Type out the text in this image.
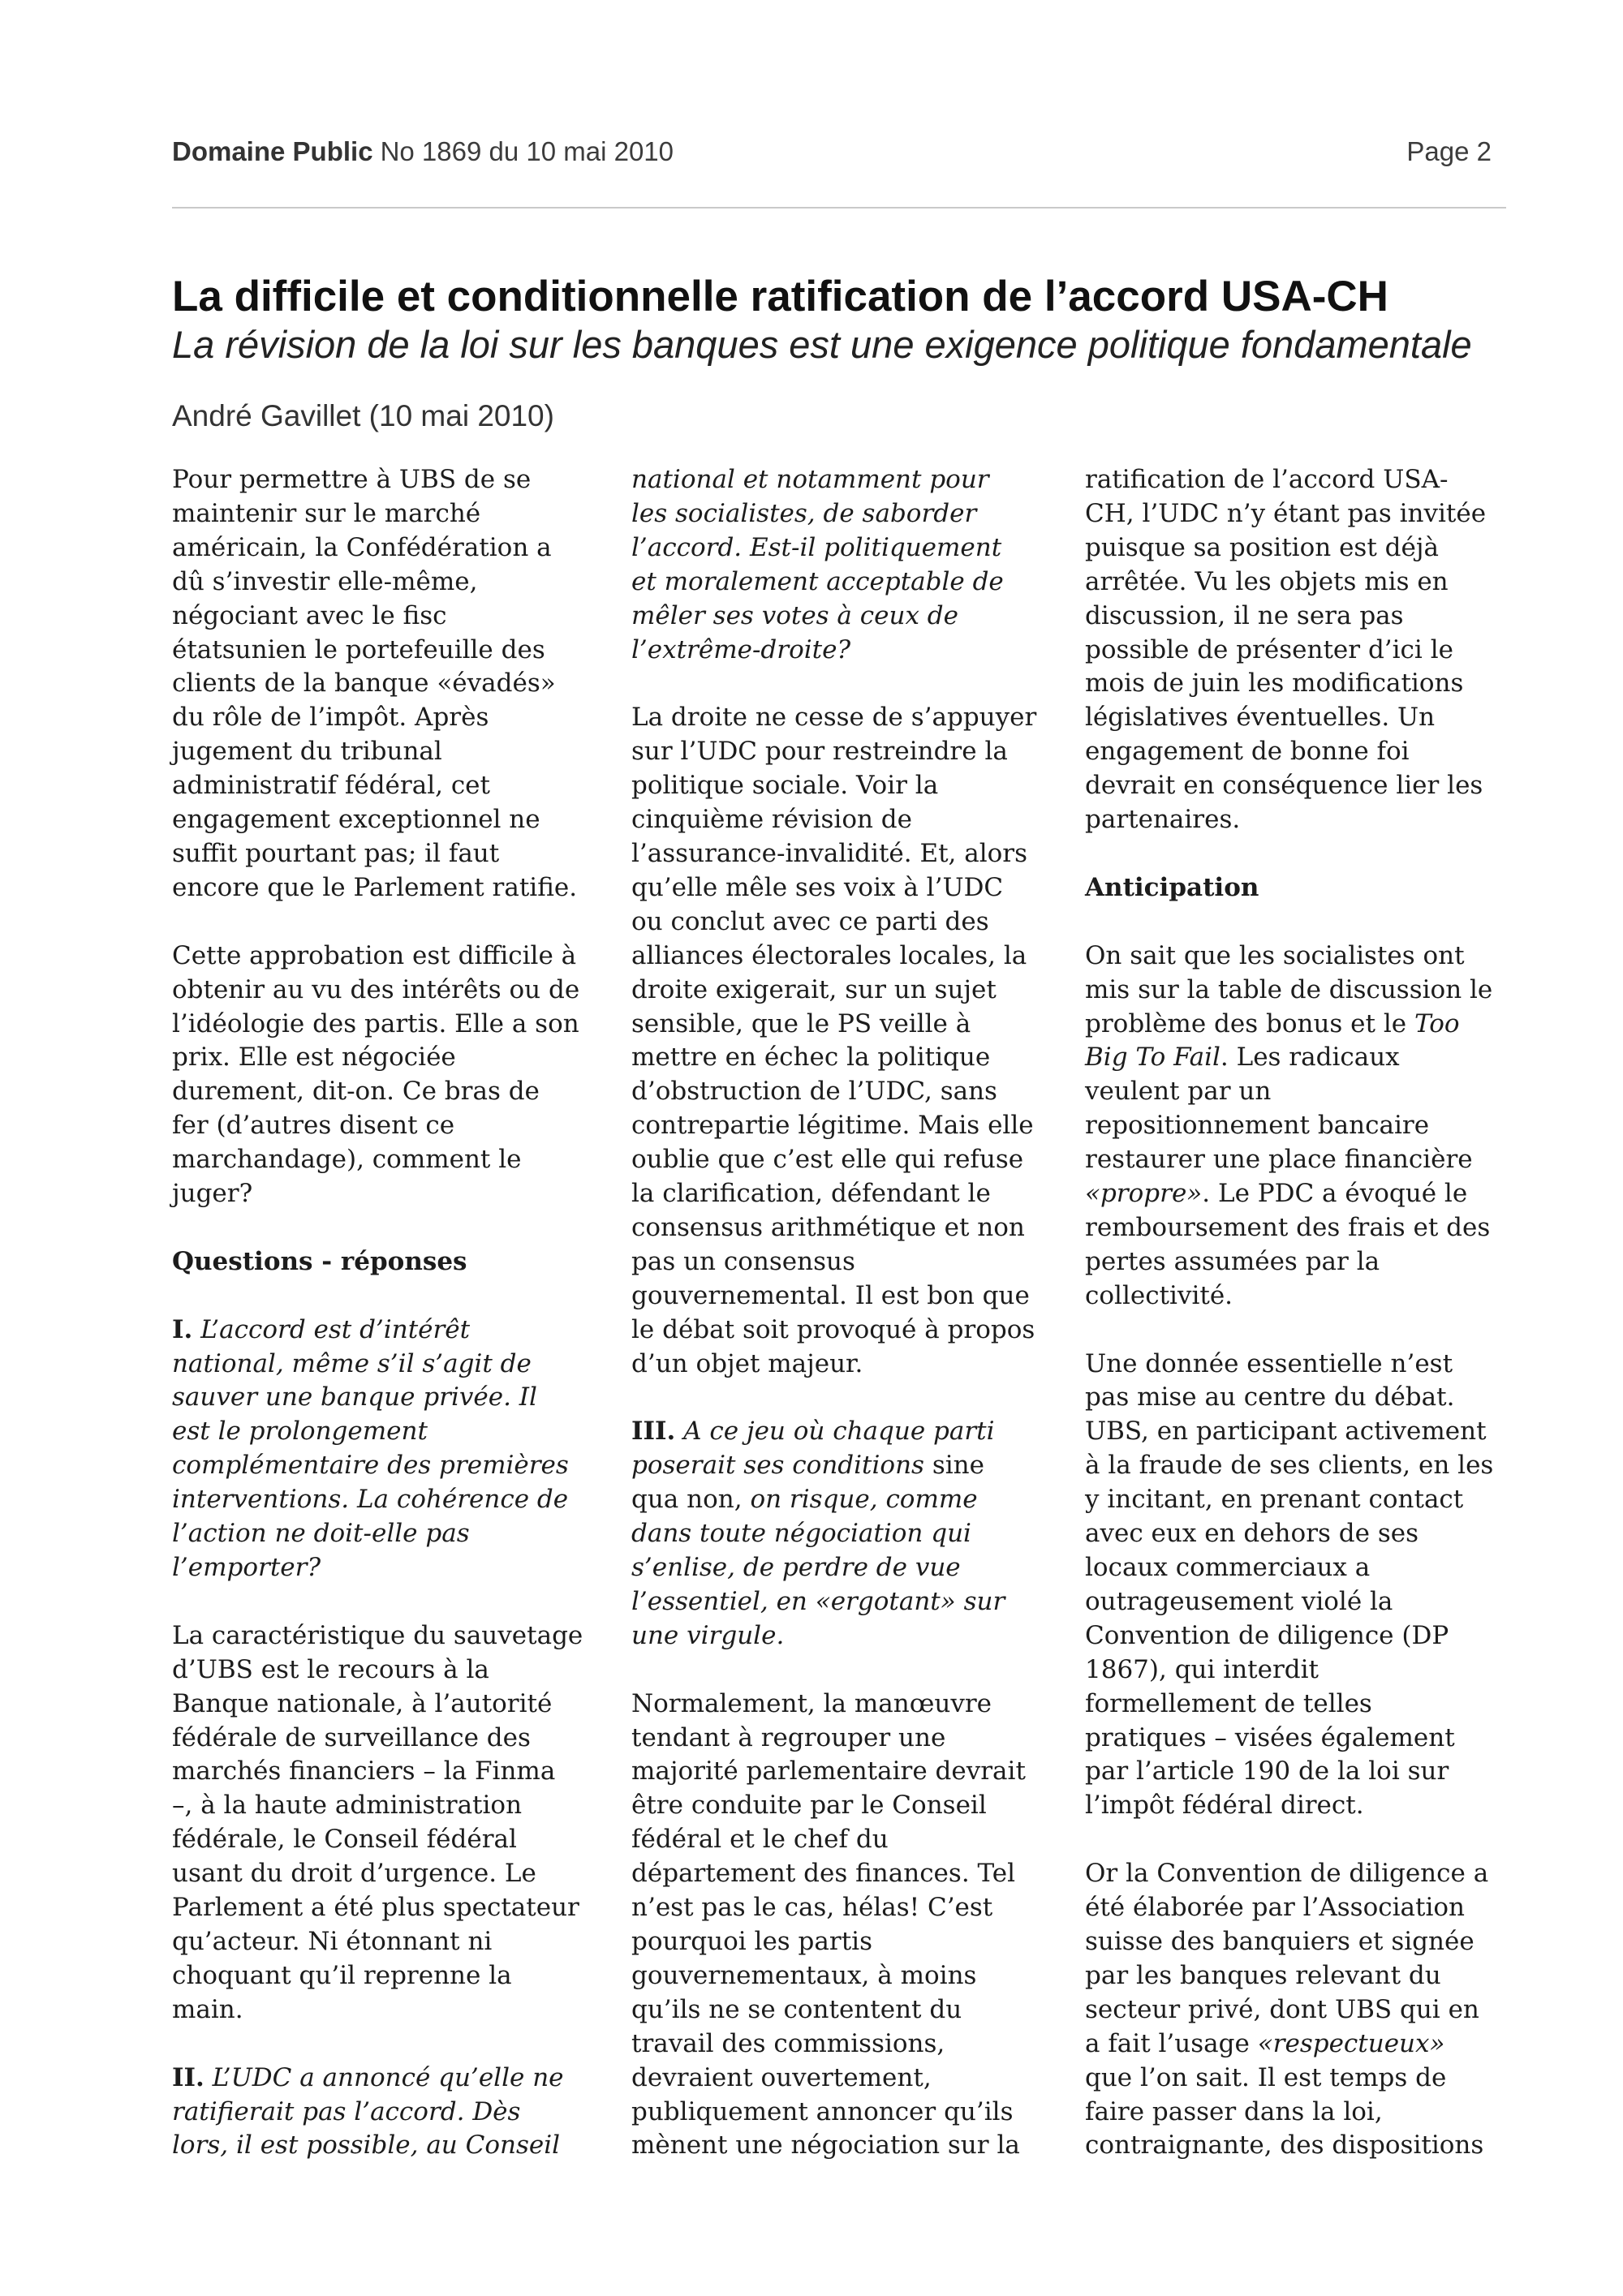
Domaine Public No 1869 du 10 mai 2010	Page 2
La difficile et conditionnelle ratification de l’accord USA-CH
La révision de la loi sur les banques est une exigence politique fondamentale
André Gavillet (10 mai 2010)
Pour permettre à UBS de se
maintenir sur le marché
américain, la Confédération a
dû s’investir elle-même,
négociant avec le fisc
étatsunien le portefeuille des
clients de la banque «évadés»
du rôle de l’impôt. Après
jugement du tribunal
administratif fédéral, cet
engagement exceptionnel ne
suffit pourtant pas; il faut
encore que le Parlement ratifie.
Cette approbation est difficile à
obtenir au vu des intérêts ou de
l’idéologie des partis. Elle a son
prix. Elle est négociée
durement, dit-on. Ce bras de
fer (d’autres disent ce
marchandage), comment le
juger?
Questions - réponses
I. L’accord est d’intérêt
national, même s’il s’agit de
sauver une banque privée. Il
est le prolongement
complémentaire des premières
interventions. La cohérence de
l’action ne doit-elle pas
l’emporter?
La caractéristique du sauvetage
d’UBS est le recours à la
Banque nationale, à l’autorité
fédérale de surveillance des
marchés financiers – la Finma
–, à la haute administration
fédérale, le Conseil fédéral
usant du droit d’urgence. Le
Parlement a été plus spectateur
qu’acteur. Ni étonnant ni
choquant qu’il reprenne la
main.
II. L’UDC a annoncé qu’elle ne
ratifierait pas l’accord. Dès
lors, il est possible, au Conseil
national et notamment pour
les socialistes, de saborder
l’accord. Est-il politiquement
et moralement acceptable de
mêler ses votes à ceux de
l’extrême-droite?
La droite ne cesse de s’appuyer
sur l’UDC pour restreindre la
politique sociale. Voir la
cinquième révision de
l’assurance-invalidité. Et, alors
qu’elle mêle ses voix à l’UDC
ou conclut avec ce parti des
alliances électorales locales, la
droite exigerait, sur un sujet
sensible, que le PS veille à
mettre en échec la politique
d’obstruction de l’UDC, sans
contrepartie légitime. Mais elle
oublie que c’est elle qui refuse
la clarification, défendant le
consensus arithmétique et non
pas un consensus
gouvernemental. Il est bon que
le débat soit provoqué à propos
d’un objet majeur.
III. A ce jeu où chaque parti
poserait ses conditions sine
qua non, on risque, comme
dans toute négociation qui
s’enlise, de perdre de vue
l’essentiel, en «ergotant» sur
une virgule.
Normalement, la manœuvre
tendant à regrouper une
majorité parlementaire devrait
être conduite par le Conseil
fédéral et le chef du
département des finances. Tel
n’est pas le cas, hélas! C’est
pourquoi les partis
gouvernementaux, à moins
qu’ils ne se contentent du
travail des commissions,
devraient ouvertement,
publiquement annoncer qu’ils
mènent une négociation sur la
ratification de l’accord USA-
CH, l’UDC n’y étant pas invitée
puisque sa position est déjà
arrêtée. Vu les objets mis en
discussion, il ne sera pas
possible de présenter d’ici le
mois de juin les modifications
législatives éventuelles. Un
engagement de bonne foi
devrait en conséquence lier les
partenaires.
Anticipation
On sait que les socialistes ont
mis sur la table de discussion le
problème des bonus et le Too
Big To Fail. Les radicaux
veulent par un
repositionnement bancaire
restaurer une place financière
«propre». Le PDC a évoqué le
remboursement des frais et des
pertes assumées par la
collectivité.
Une donnée essentielle n’est
pas mise au centre du débat.
UBS, en participant activement
à la fraude de ses clients, en les
y incitant, en prenant contact
avec eux en dehors de ses
locaux commerciaux a
outrageusement violé la
Convention de diligence (DP
1867), qui interdit
formellement de telles
pratiques – visées également
par l’article 190 de la loi sur
l’impôt fédéral direct.
Or la Convention de diligence a
été élaborée par l’Association
suisse des banquiers et signée
par les banques relevant du
secteur privé, dont UBS qui en
a fait l’usage «respectueux»
que l’on sait. Il est temps de
faire passer dans la loi,
contraignante, des dispositions
